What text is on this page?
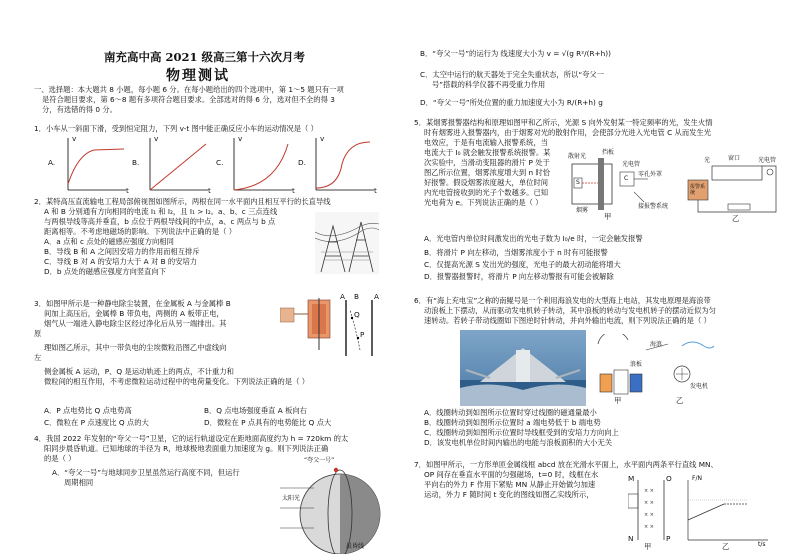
南充高中高 2021 级高三第十六次月考
物理测试
一、选择题：本大题共 8 小题，每小题 6 分。在每小题给出的四个选项中，第 1～5 题只有一项
是符合题目要求，第 6～8 题有多项符合题目要求。全部选对的得 6 分，选对但不全的得 3
分，有选错的得 0 分。
1．小车从一斜面下滑，受到恒定阻力，下列 v-t 图中能正确反应小车的运动情况是（ ）
A.	B.	C.	D.
v	v	v	v
t	t	t	t
2．某特高压直流输电工程局部俯视图如图所示，两根在同一水平面内且相互平行的长直导线
A 和 B 分别通有方向相同的电流 I₁ 和 I₂，且 I₁ > I₂。a、b、c 三点连线
与两根导线等高并垂直，b 点位于两根导线间的中点，a、c 两点与 b 点
距离相等。不考虑地磁场的影响。下列说法中正确的是（ ）
A．a 点和 c 点处的磁感应强度方向相同
B．导线 B 和 A 之间因安培力的作用而相互排斥
C．导线 B 对 A 的安培力大于 A 对 B 的安培力
D．b 点处的磁感应强度方向竖直向下
3．如图甲所示是一种静电除尘装置，在金属板 A 与金属棒 B
间加上高压后，金属棒 B 带负电，两侧的 A 板带正电，
烟气从一端进入静电除尘区经过净化后从另一端排出。其
原
理如图乙所示，其中一带负电的尘埃微粒沿图乙中虚线向
左
侧金属板 A 运动，P、Q 是运动轨迹上的两点，不计重力和
微粒间的相互作用，不考虑微粒运动过程中的电荷量变化。下列说法正确的是（ ）
A．P 点电势比 Q 点电势高	B．Q 点电场强度垂直 A 板向右
C．微粒在 P 点速度比 Q 点的大	D．微粒在 P 点具有的电势能比 Q 点大
A B A
P
Q
4．我国 2022 年发射的“夸父一号”卫星，它的运行轨道设定在距地面高度约为 h = 720km 的太
阳同步晨昏轨道。已知地球的半径为 R，地球极地表面重力加速度为 g。则下列说法正确
的是（ ）
A．“夸父一号”与地球同步卫星虽然运行高度不同，但运行
周期相同
“夸父一号”
太阳光
晨昏线
B．“夸父一号”的运行为 线速度大小为 v = √(g R²/(R+h))
C．太空中运行的航天器处于完全失重状态，所以“夸父一
号”搭载的科学仪器不再受重力作用
D．“夸父一号”所处位置的重力加速度大小为 R/(R+h) g
5．某烟雾报警器结构和原理如图甲和乙所示，光源 S 向外发射某一特定频率的光，发生火情
时有烟雾进入报警器内，由于烟雾对光的散射作用，会使部分光进入光电管 C 从而发生光
电效应，于是有电流输入报警系统，当
电流大于 I₀ 就会触发报警系统报警。某
次实验中，当滑动变阻器的滑片 P 处于
图乙所示位置，烟雾浓度增大到 n 时恰
好报警。假设烟雾浓度越大，单位时间
内光电管接收到的光子个数越多。已知
光电荷为 e。下列说法正确的是（ ）
挡板
散射光
光电管
零孔外罩
S
C
烟雾
接报警系统
甲
光	窗口	光电管
报警系统
乙
A．光电管内单位时间激发出的光电子数为 I₀/e 时，一定会触发报警
B．将滑片 P 向左移动，当烟雾浓度小于 n 时有可能报警
C．仅提高光源 S 发出光的强度，光电子的最大初动能将增大
D．报警器报警时，将滑片 P 向左移动警报有可能会被解除
6．有“海上充电宝”之称的南鲲号是一个利用海浪发电的大型海上电站，其发电原理是海浪带
动浪板上下摆动，从而驱动发电机转子转动，其中浪板的转动与发电机转子的摆动近似为匀
速转动。若转子带动线圈如下图逆时针转动，并向外输出电流，则下列说法正确的是（ ）
海浪
浪板
发电机
甲	乙
A．线圈转动到如图所示位置时穿过线圈的磁通量最小
B．线圈转动到如图所示位置时 a 端电势低于 b 端电势
C．线圈转动到如图所示位置时导线框受到的安培力方向向上
D．该发电机单位时间内输出的电能与浪板面积的大小无关
7．如图甲所示，一方形单匝金属线框 abcd 放在光滑水平面上，水平面内两条平行直线 MN、
OP 间存在垂直水平面的匀强磁场，t=0 时，线框在水
平向右的外力 F 作用下紧贴 MN 从静止开始做匀加速
运动，外力 F 随时间 t 变化的图线如图乙实线所示，	× ×
× ×
× ×
× ×
M
N
O
P
F/N
t/s
甲	乙
